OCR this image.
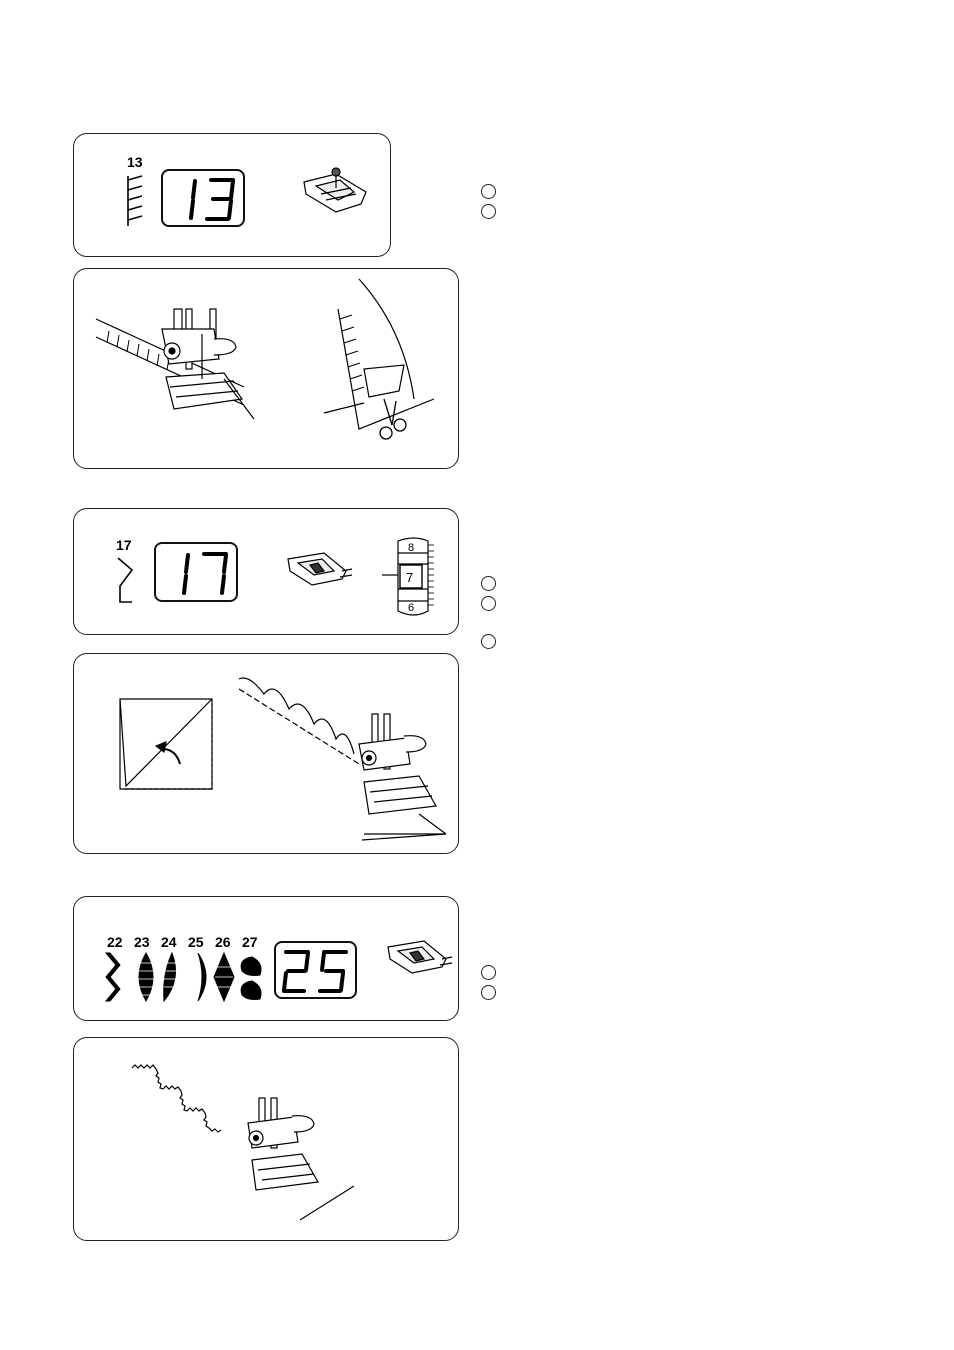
13
17	8
7
6
22 23 24 25 26 27
